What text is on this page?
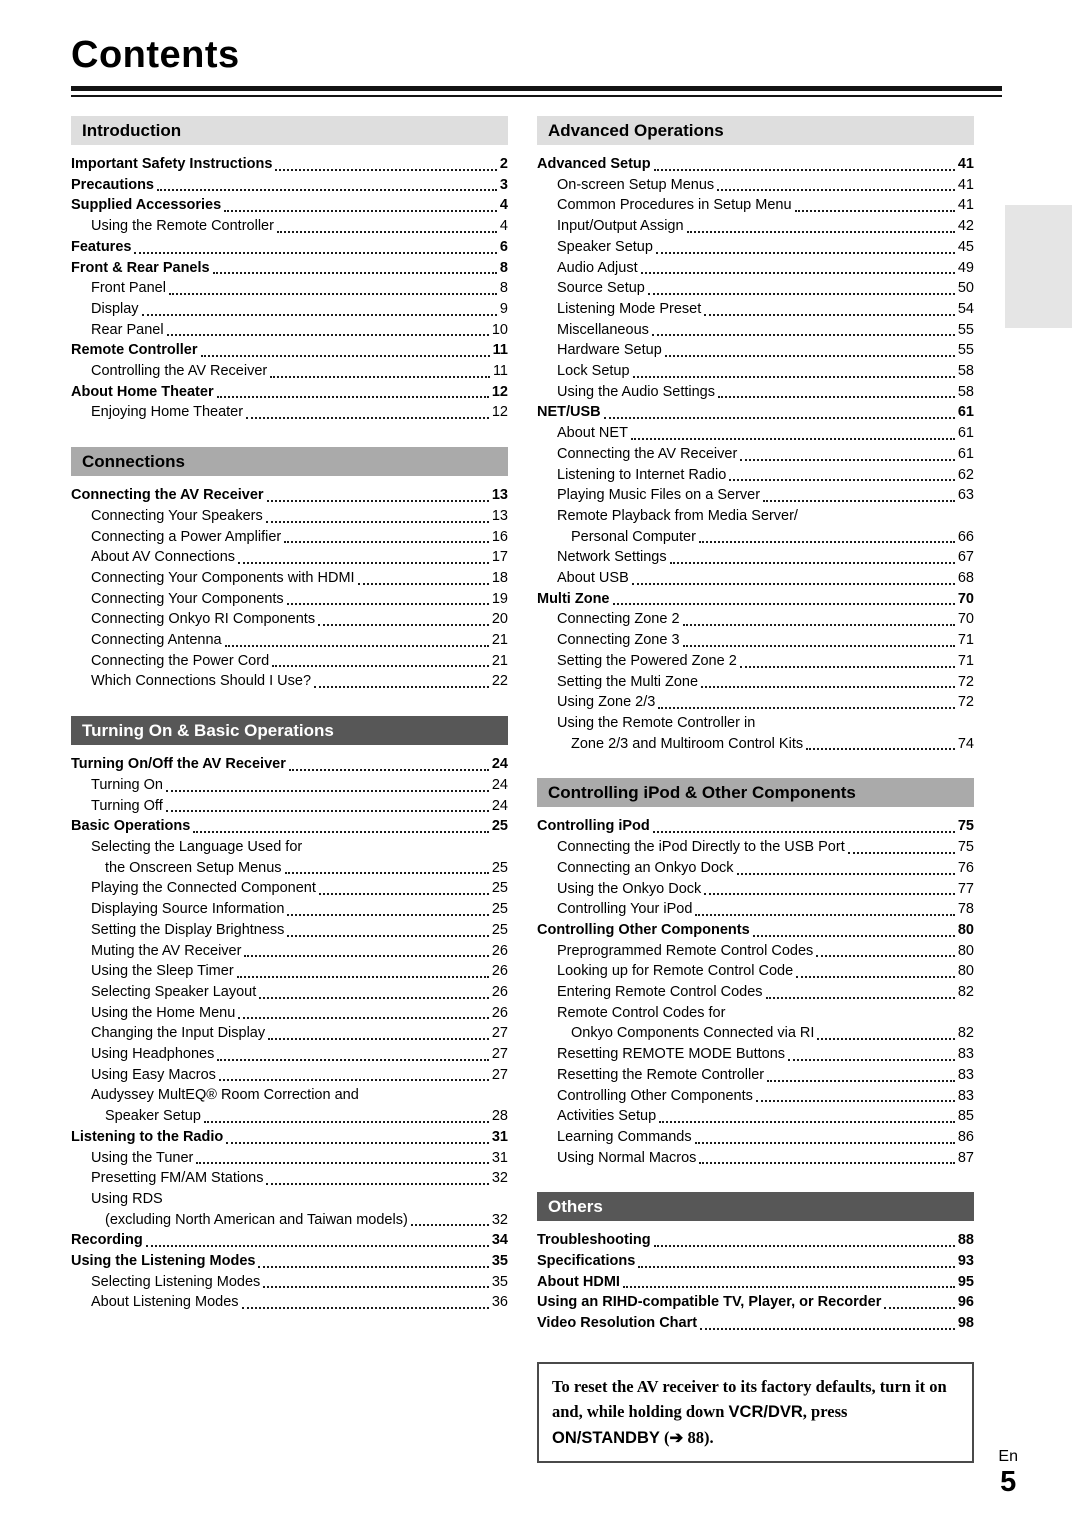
Contents
Introduction
Important Safety Instructions	2
Precautions	3
Supplied Accessories	4
Using the Remote Controller	4
Features	6
Front & Rear Panels	8
Front Panel	8
Display	9
Rear Panel	10
Remote Controller	11
Controlling the AV Receiver	11
About Home Theater	12
Enjoying Home Theater	12
Connections
Connecting the AV Receiver	13
Connecting Your Speakers	13
Connecting a Power Amplifier	16
About AV Connections	17
Connecting Your Components with HDMI	18
Connecting Your Components	19
Connecting Onkyo RI Components	20
Connecting Antenna	21
Connecting the Power Cord	21
Which Connections Should I Use?	22
Turning On & Basic Operations
Turning On/Off the AV Receiver	24
Turning On	24
Turning Off	24
Basic Operations	25
Selecting the Language Used for
the Onscreen Setup Menus	25
Playing the Connected Component	25
Displaying Source Information	25
Setting the Display Brightness	25
Muting the AV Receiver	26
Using the Sleep Timer	26
Selecting Speaker Layout	26
Using the Home Menu	26
Changing the Input Display	27
Using Headphones	27
Using Easy Macros	27
Audyssey MultEQ® Room Correction and
Speaker Setup	28
Listening to the Radio	31
Using the Tuner	31
Presetting FM/AM Stations	32
Using RDS
(excluding North American and Taiwan models)	32
Recording	34
Using the Listening Modes	35
Selecting Listening Modes	35
About Listening Modes	36
Advanced Operations
Advanced Setup	41
On-screen Setup Menus	41
Common Procedures in Setup Menu	41
Input/Output Assign	42
Speaker Setup	45
Audio Adjust	49
Source Setup	50
Listening Mode Preset	54
Miscellaneous	55
Hardware Setup	55
Lock Setup	58
Using the Audio Settings	58
NET/USB	61
About NET	61
Connecting the AV Receiver	61
Listening to Internet Radio	62
Playing Music Files on a Server	63
Remote Playback from Media Server/
Personal Computer	66
Network Settings	67
About USB	68
Multi Zone	70
Connecting Zone 2	70
Connecting Zone 3	71
Setting the Powered Zone 2	71
Setting the Multi Zone	72
Using Zone 2/3	72
Using the Remote Controller in
Zone 2/3 and Multiroom Control Kits	74
Controlling iPod & Other Components
Controlling iPod	75
Connecting the iPod Directly to the USB Port	75
Connecting an Onkyo Dock	76
Using the Onkyo Dock	77
Controlling Your iPod	78
Controlling Other Components	80
Preprogrammed Remote Control Codes	80
Looking up for Remote Control Code	80
Entering Remote Control Codes	82
Remote Control Codes for
Onkyo Components Connected via RI	82
Resetting REMOTE MODE Buttons	83
Resetting the Remote Controller	83
Controlling Other Components	83
Activities Setup	85
Learning Commands	86
Using Normal Macros	87
Others
Troubleshooting	88
Specifications	93
About HDMI	95
Using an RIHD-compatible TV, Player, or Recorder	96
Video Resolution Chart	98
To reset the AV receiver to its factory defaults, turn it on and, while holding down VCR/DVR, press ON/STANDBY (➔ 88).
En
5
